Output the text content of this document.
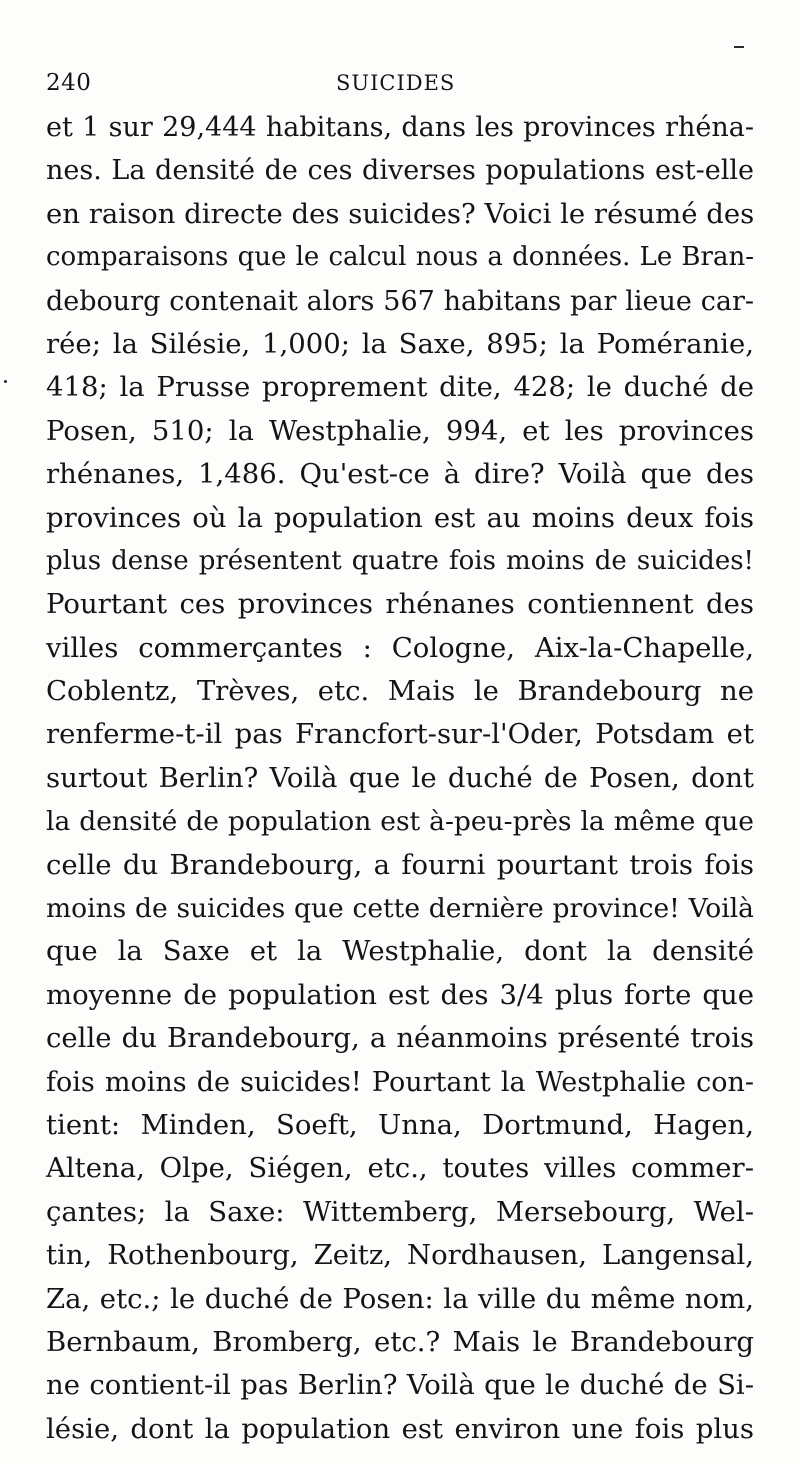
240	SUICIDES
et 1 sur 29,444 habitans, dans les provinces rhéna-
nes. La densité de ces diverses populations est-elle
en raison directe des suicides? Voici le résumé des
comparaisons que le calcul nous a données. Le Bran-
debourg contenait alors 567 habitans par lieue car-
rée; la Silésie, 1,000; la Saxe, 895; la Poméranie,
418; la Prusse proprement dite, 428; le duché de
Posen, 510; la Westphalie, 994, et les provinces
rhénanes, 1,486. Qu'est-ce à dire? Voilà que des
provinces où la population est au moins deux fois
plus dense présentent quatre fois moins de suicides!
Pourtant ces provinces rhénanes contiennent des
villes commerçantes : Cologne, Aix-la-Chapelle,
Coblentz, Trèves, etc. Mais le Brandebourg ne
renferme-t-il pas Francfort-sur-l'Oder, Potsdam et
surtout Berlin? Voilà que le duché de Posen, dont
la densité de population est à-peu-près la même que
celle du Brandebourg, a fourni pourtant trois fois
moins de suicides que cette dernière province! Voilà
que la Saxe et la Westphalie, dont la densité
moyenne de population est des 3/4 plus forte que
celle du Brandebourg, a néanmoins présenté trois
fois moins de suicides! Pourtant la Westphalie con-
tient: Minden, Soeft, Unna, Dortmund, Hagen,
Altena, Olpe, Siégen, etc., toutes villes commer-
çantes; la Saxe: Wittemberg, Mersebourg, Wel-
tin, Rothenbourg, Zeitz, Nordhausen, Langensal,
Za, etc.; le duché de Posen: la ville du même nom,
Bernbaum, Bromberg, etc.? Mais le Brandebourg
ne contient-il pas Berlin? Voilà que le duché de Si-
lésie, dont la population est environ une fois plus
